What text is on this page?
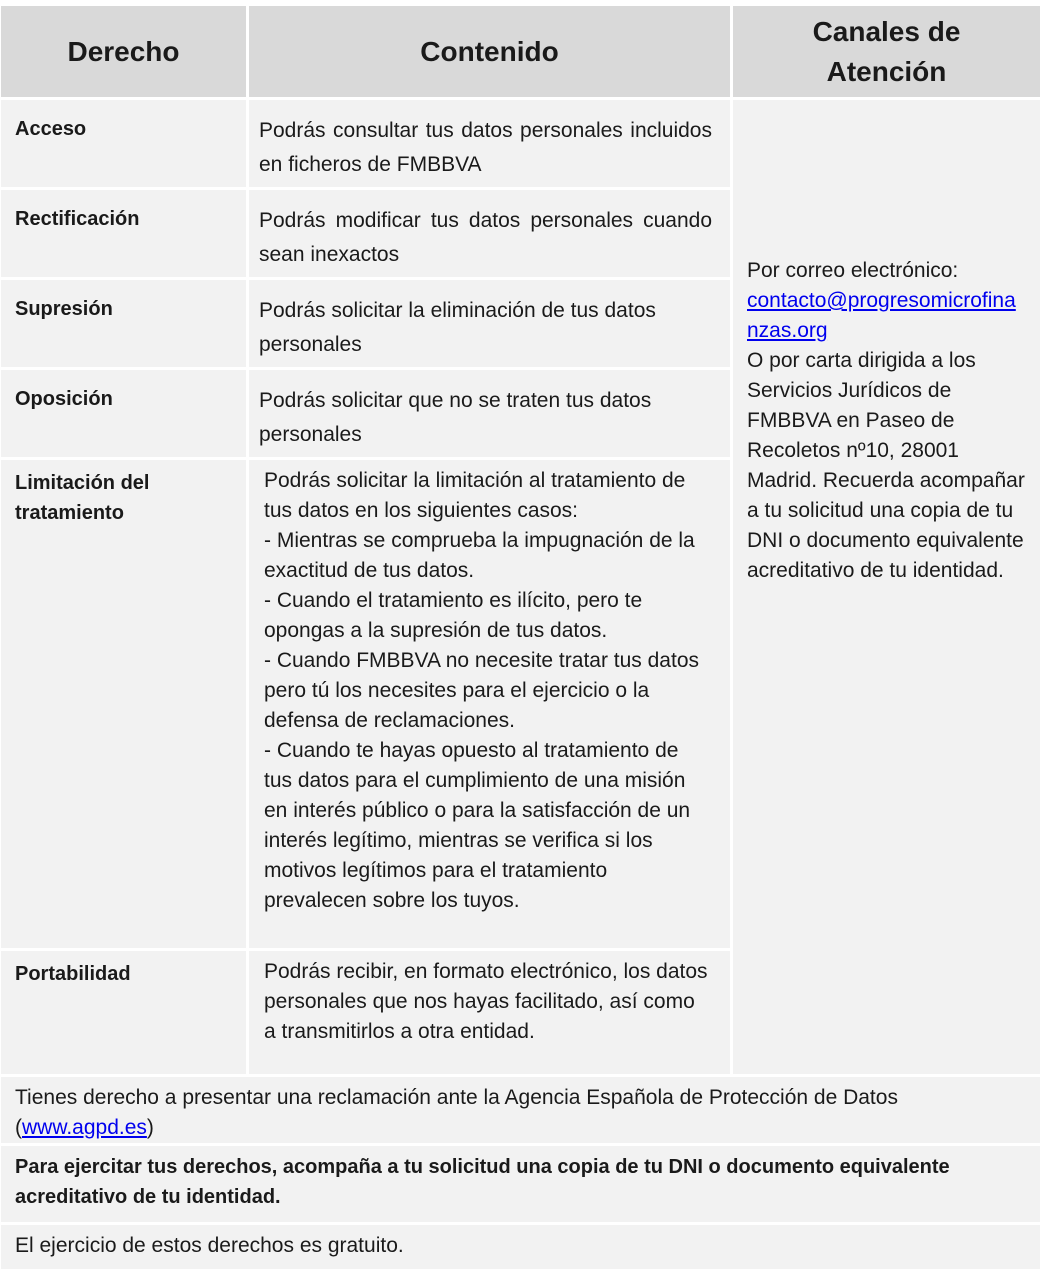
Derecho	Contenido	Canales de
Atención

Acceso	Podrás consultar tus datos personales incluidos en ficheros de FMBBVA	Por correo electrónico:
contacto@progresomicrofinanzas.org
O por carta dirigida a los Servicios Jurídicos de FMBBVA en Paseo de Recoletos nº10, 28001 Madrid. Recuerda acompañar a tu solicitud una copia de tu DNI o documento equivalente acreditativo de tu identidad.

Rectificación	Podrás modificar tus datos personales cuando sean inexactos	
Supresión	Podrás solicitar la eliminación de tus datos personales	
Oposición	Podrás solicitar que no se traten tus datos personales	
Limitación del tratamiento	Podrás solicitar la limitación al tratamiento de tus datos en los siguientes casos:
- Mientras se comprueba la impugnación de la exactitud de tus datos.
- Cuando el tratamiento es ilícito, pero te opongas a la supresión de tus datos.
- Cuando FMBBVA no necesite tratar tus datos pero tú los necesites para el ejercicio o la defensa de reclamaciones.
- Cuando te hayas opuesto al tratamiento de tus datos para el cumplimiento de una misión en interés público o para la satisfacción de un interés legítimo, mientras se verifica si los motivos legítimos para el tratamiento prevalecen sobre los tuyos.	

Portabilidad	Podrás recibir, en formato electrónico, los datos personales que nos hayas facilitado, así como a transmitirlos a otra entidad.	
Tienes derecho a presentar una reclamación ante la Agencia Española de Protección de Datos (www.agpd.es)
Para ejercitar tus derechos, acompaña a tu solicitud una copia de tu DNI o documento equivalente acreditativo de tu identidad.
El ejercicio de estos derechos es gratuito.
